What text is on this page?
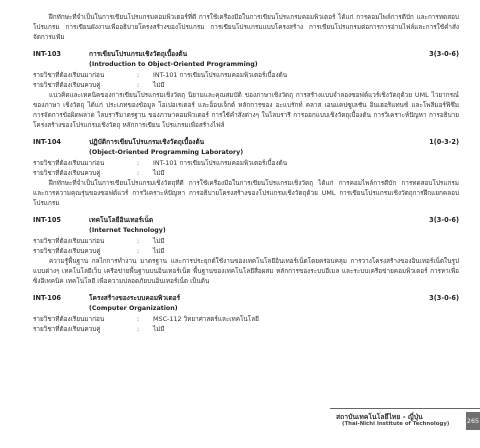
ฝึกทักษะที่จำเป็นในการเขียนโปรแกรมคอมพิวเตอร์ที่ดี การใช้เครื่องมือในการเขียนโปรแกรมคอมพิวเตอร์ ได้แก่ การคอมไพล์การดีบัก และการทดสอบโปรแกรม การเขียนผังงานเพื่ออธิบายโครงสร้างของโปรแกรม การเขียนโปรแกรมแบบโครงสร้าง การเขียนโปรแกรมต่อการการอ่านไฟล์และการใช้คำสั่งจัดการแฟ้ม

INT-103	การเขียนโปรแกรมเชิงวัตถุเบื้องต้น	3(3-0-6)
(Introduction to Object-Oriented Programming)
รายวิชาที่ต้องเรียนมาก่อน	:	INT-101 การเขียนโปรแกรมคอมพิวเตอร์เบื้องต้น
รายวิชาที่ต้องเรียนควบคู่	:	ไม่มี

แนวคิดและเทคนิคของการเขียนโปรแกรมเชิงวัตถุ นิยามและคุณสมบัติ ของภาษาเชิงวัตถุ การสร้างแบบจำลองซอฟต์แวร์เชิงวัตถุด้วย UML ไวยากรณ์ของภาษา เชิงวัตถุ ได้แก่ ประเภทของข้อมูล โอเปอเรเตอร์ และอ็อบเจ็กต์ หลักการของ อะแบรักท์ คลาส เอนแคปซูเลชัน อินเฮอริแทนซ์ และโพลีมอร์ฟิซึม การจัดการข้อผิดพลาด ไลบรารีมาตรฐาน ของภาษาคอมพิวเตอร์ การใช้คำสั่งต่างๆ ในไลบรารี การออกแบบเชิงวัตถุเบื้องต้น การวิเคราะห์ปัญหา การอธิบายโครงสร้างของโปรแกรมเชิงวัตถุ หลักการเขียน โปรแกรมเพื่อสร้างไฟล์

INT-104	ปฏิบัติการเขียนโปรแกรมเชิงวัตถุเบื้องต้น	1(0-3-2)
(Object-Oriented Programming Laboratory)
รายวิชาที่ต้องเรียนมาก่อน	:	INT-101 การเขียนโปรแกรมคอมพิวเตอร์เบื้องต้น
รายวิชาที่ต้องเรียนควบคู่	:	ไม่มี

ฝึกทักษะที่จำเป็นในการเขียนโปรแกรมเชิงวัตถุที่ดี การใช้เครื่องมือในการเขียนโปรแกรมเชิงวัตถุ ได้แก่ การคอมไพล์การดีบัก การทดสอบโปรแกรม และการความคุณรุ่นของซอฟต์แวร์ การวิเคราะห์ปัญหา การอธิบายโครงสร้างของโปรแกรมเชิงวัตถุด้วย UML การเขียนโปรแกรมเชิงวัตถุการฝึกแยกคลอบโปรแกรม

INT-105	เทคโนโลยีอินเทอร์เน็ต	3(3-0-6)
(Internet Technology)
รายวิชาที่ต้องเรียนมาก่อน	:	ไม่มี
รายวิชาที่ต้องเรียนควบคู่	:	ไม่มี

ความรู้พื้นฐาน กลไกการทำงาน มาตรฐาน และการประยุกต์ใช้งานของเทคโนโลยีอินเทอร์เน็ตโดยครอบคลุม การวางโครงสร้างของอินเทอร์เน็ตในรูปแบบต่างๆ เทคโนโลยีเว็บ เครือข่ายพื้นฐานบนอินเทอร์เน็ต พื้นฐานของเทคโนโลยีสื่อผสม หลักการของระบบอีเมล และระบบเครือข่ายคอมพิวเตอร์ การหาเพื่อซิงอีเทคนิค เทคโนโลยี เพื่อความปลอดภัยบนอินเทอร์เน็ต เป็นต้น

INT-106	โครงสร้างของระบบคอมพิวเตอร์	3(3-0-6)
(Computer Organization)
รายวิชาที่ต้องเรียนมาก่อน	:	MSC-112 วิทยาศาสตร์และเทคโนโลยี
รายวิชาที่ต้องเรียนควบคู่	:	ไม่มี
สถาบันเทคโนโลยีไทย - ญี่ปุ่น
(Thai-Nichi Institute of Technology)	265
